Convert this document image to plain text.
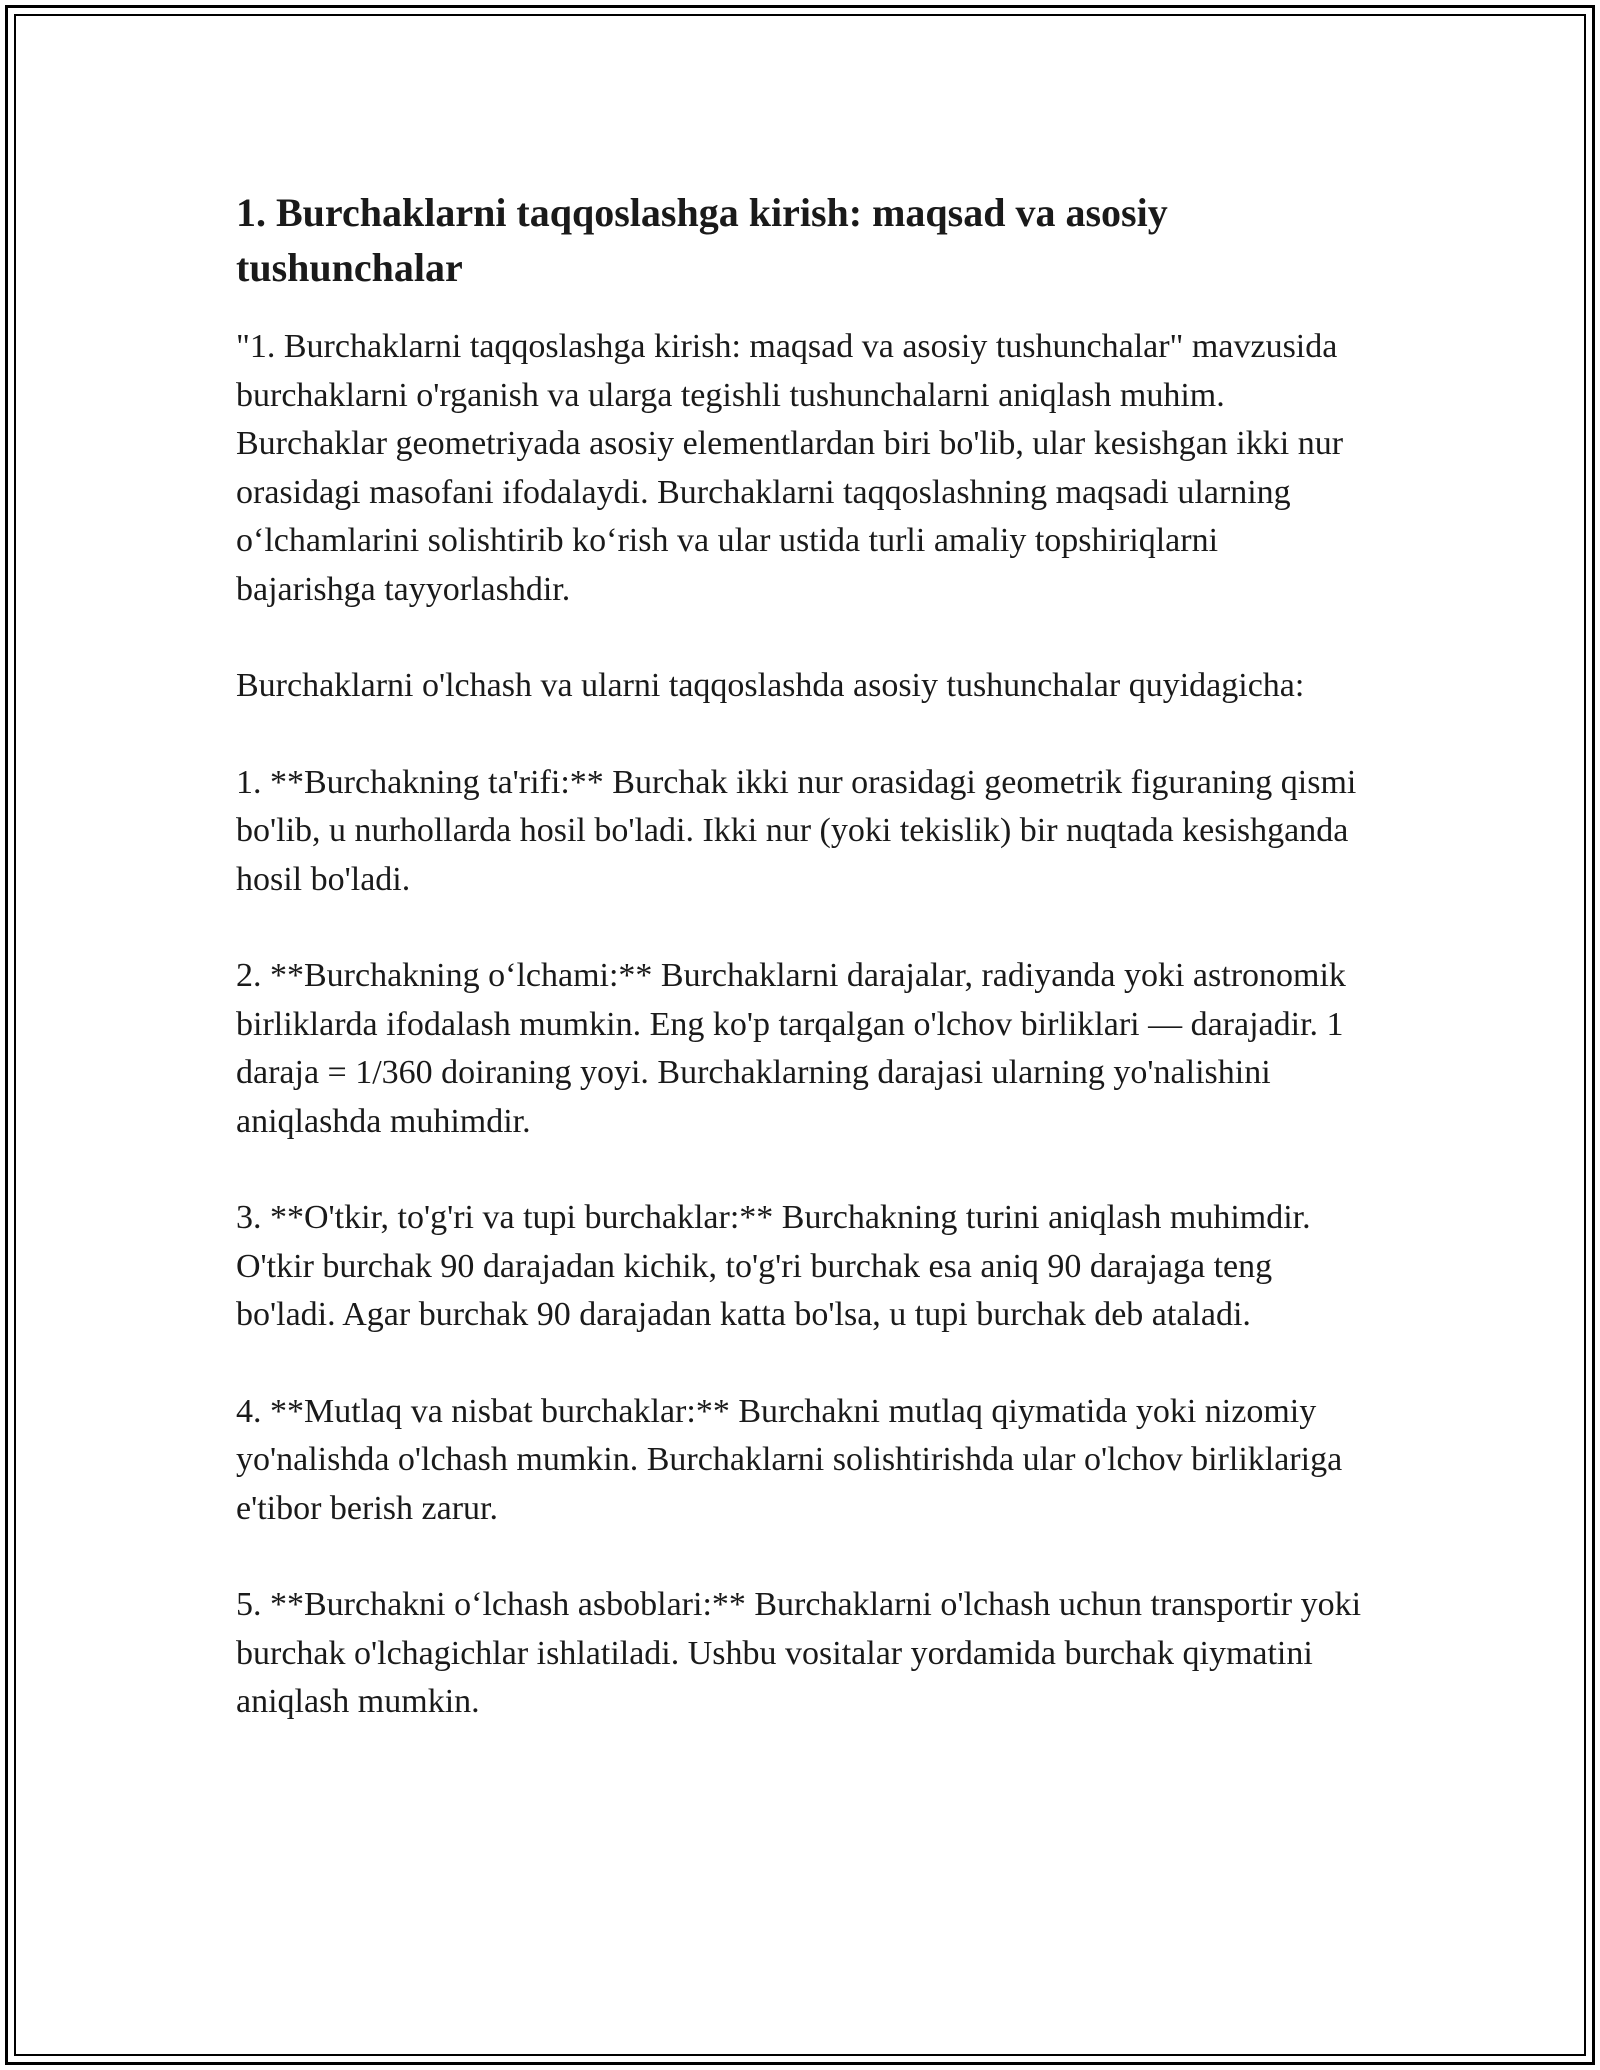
1. Burchaklarni taqqoslashga kirish: maqsad va asosiy tushunchalar

"1. Burchaklarni taqqoslashga kirish: maqsad va asosiy tushunchalar" mavzusida burchaklarni o'rganish va ularga tegishli tushunchalarni aniqlash muhim. Burchaklar geometriyada asosiy elementlardan biri bo'lib, ular kesishgan ikki nur orasidagi masofani ifodalaydi. Burchaklarni taqqoslashning maqsadi ularning o‘lchamlarini solishtirib ko‘rish va ular ustida turli amaliy topshiriqlarni bajarishga tayyorlashdir.

Burchaklarni o'lchash va ularni taqqoslashda asosiy tushunchalar quyidagicha:

1. **Burchakning ta'rifi:** Burchak ikki nur orasidagi geometrik figuraning qismi bo'lib, u nurhollarda hosil bo'ladi. Ikki nur (yoki tekislik) bir nuqtada kesishganda hosil bo'ladi.

2. **Burchakning o‘lchami:** Burchaklarni darajalar, radiyanda yoki astronomik birliklarda ifodalash mumkin. Eng ko'p tarqalgan o'lchov birliklari — darajadir. 1 daraja = 1/360 doiraning yoyi. Burchaklarning darajasi ularning yo'nalishini aniqlashda muhimdir.

3. **O'tkir, to'g'ri va tupi burchaklar:** Burchakning turini aniqlash muhimdir. O'tkir burchak 90 darajadan kichik, to'g'ri burchak esa aniq 90 darajaga teng bo'ladi. Agar burchak 90 darajadan katta bo'lsa, u tupi burchak deb ataladi.

4. **Mutlaq va nisbat burchaklar:** Burchakni mutlaq qiymatida yoki nizomiy yo'nalishda o'lchash mumkin. Burchaklarni solishtirishda ular o'lchov birliklariga e'tibor berish zarur.

5. **Burchakni o‘lchash asboblari:** Burchaklarni o'lchash uchun transportir yoki burchak o'lchagichlar ishlatiladi. Ushbu vositalar yordamida burchak qiymatini aniqlash mumkin.
